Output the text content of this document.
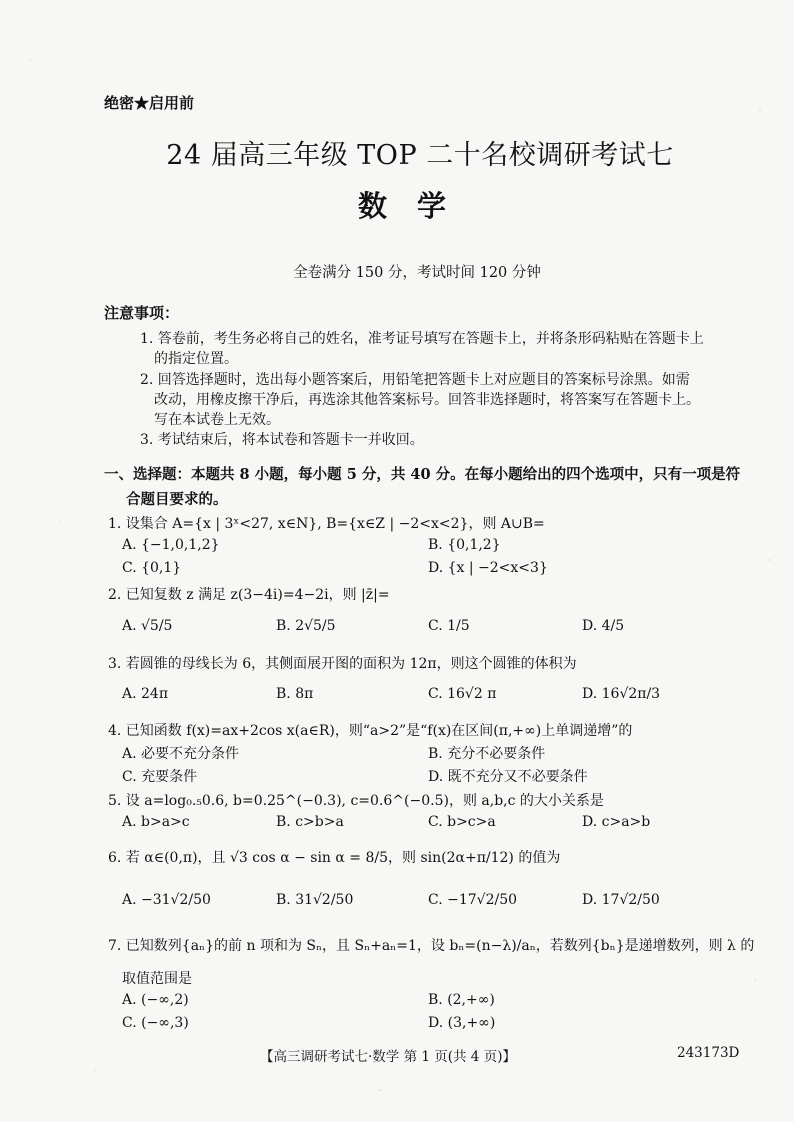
绝密★启用前
24 届高三年级 TOP 二十名校调研考试七
数学
全卷满分 150 分，考试时间 120 分钟
注意事项：
1. 答卷前，考生务必将自己的姓名，准考证号填写在答题卡上，并将条形码粘贴在答题卡上
的指定位置。
2. 回答选择题时，选出每小题答案后，用铅笔把答题卡上对应题目的答案标号涂黑。如需
改动，用橡皮擦干净后，再选涂其他答案标号。回答非选择题时，将答案写在答题卡上。
写在本试卷上无效。
3. 考试结束后，将本试卷和答题卡一并收回。
一、选择题：本题共 8 小题，每小题 5 分，共 40 分。在每小题给出的四个选项中，只有一项是符
合题目要求的。
1. 设集合 A={x | 3ˣ<27, x∈N}, B={x∈Z | −2<x<2}，则 A∪B=
A. {−1,0,1,2}	B. {0,1,2}
C. {0,1}	D. {x | −2<x<3}
2. 已知复数 z 满足 z(3−4i)=4−2i，则 |z̄|=
A. √5/5	B. 2√5/5	C. 1/5	D. 4/5
3. 若圆锥的母线长为 6，其侧面展开图的面积为 12π，则这个圆锥的体积为
A. 24π	B. 8π	C. 16√2 π	D. 16√2π/3
4. 已知函数 f(x)=ax+2cos x(a∈R)，则“a>2”是“f(x)在区间(π,+∞)上单调递增”的
A. 必要不充分条件	B. 充分不必要条件
C. 充要条件	D. 既不充分又不必要条件
5. 设 a=log₀.₅0.6, b=0.25^(−0.3), c=0.6^(−0.5)，则 a,b,c 的大小关系是
A. b>a>c	B. c>b>a	C. b>c>a	D. c>a>b
6. 若 α∈(0,π)，且 √3 cos α − sin α = 8/5，则 sin(2α+π/12) 的值为
A. −31√2/50	B. 31√2/50	C. −17√2/50	D. 17√2/50
7. 已知数列{aₙ}的前 n 项和为 Sₙ，且 Sₙ+aₙ=1，设 bₙ=(n−λ)/aₙ，若数列{bₙ}是递增数列，则 λ 的
取值范围是
A. (−∞,2)	B. (2,+∞)
C. (−∞,3)	D. (3,+∞)
【高三调研考试七·数学 第 1 页(共 4 页)】	243173D
